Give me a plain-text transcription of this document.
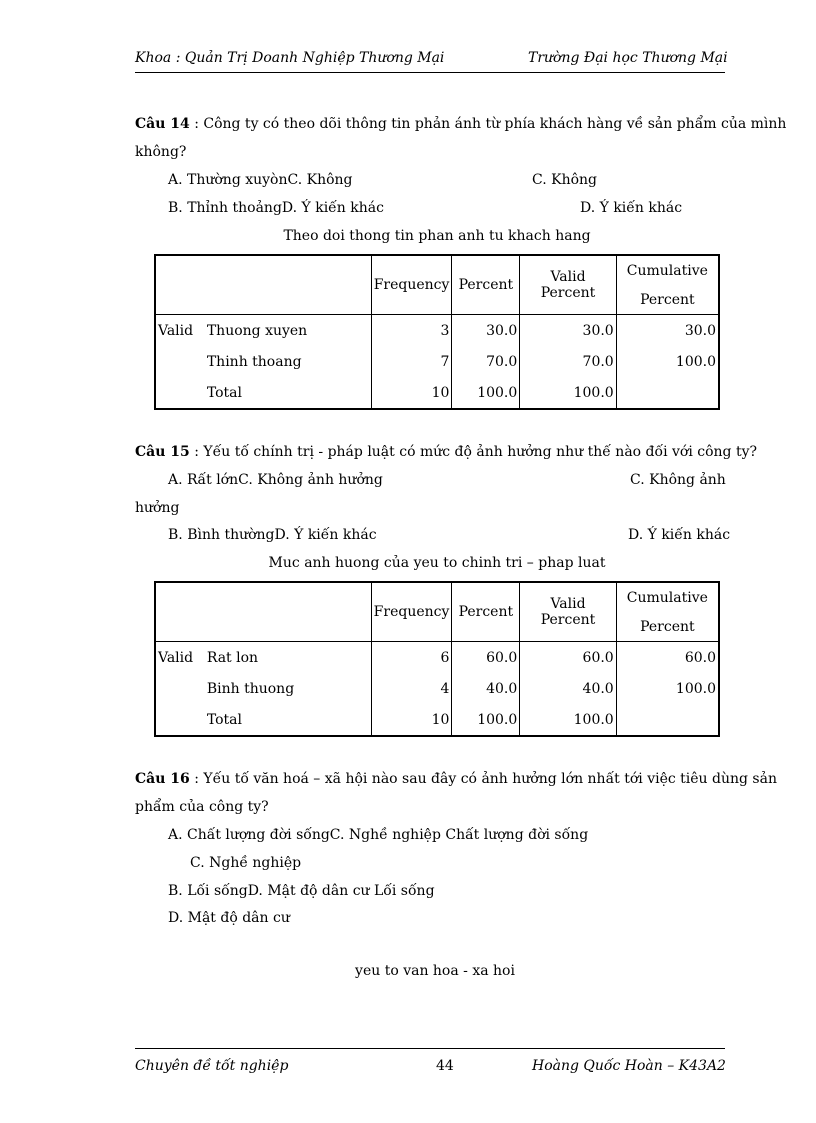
Khoa : Quản Trị Doanh Nghiệp Thương Mại	Trường Đại học Thương Mại
Câu 14 : Công ty có theo dõi thông tin phản ánh từ phía khách hàng về sản phẩm của mình
không?
A. Thường xuyònC. Không	C. Không
B. Thỉnh thoảngD. Ý kiến khác	D. Ý kiến khác
Theo doi thong tin phan anh tu khach hang
		Frequency	Percent	Valid Percent	Cumulative
					Percent
Valid	Thuong xuyen	3	30.0	30.0	30.0
	Thinh thoang	7	70.0	70.0	100.0
	Total	10	100.0	100.0	
Câu 15 : Yếu tố chính trị - pháp luật có mức độ ảnh hưởng như thế nào đối với công ty?
A. Rất lớnC. Không ảnh hưởng	C. Không ảnh
hưởng
B. Bình thườngD. Ý kiến khác	D. Ý kiến khác
Muc anh huong của yeu to chinh tri – phap luat
		Frequency	Percent	Valid Percent	Cumulative
					Percent
Valid	Rat lon	6	60.0	60.0	60.0
	Binh thuong	4	40.0	40.0	100.0
	Total	10	100.0	100.0	
Câu 16 : Yếu tố văn hoá – xã hội nào sau đây có ảnh hưởng lớn nhất tới việc tiêu dùng sản
phẩm của công ty?
A. Chất lượng đời sốngC. Nghề nghiệp Chất lượng đời sống
C. Nghề nghiệp
B. Lối sốngD. Mật độ dân cư Lối sống
D. Mật độ dân cư
yeu to van hoa - xa hoi
Chuyên đề tốt nghiệp	44	Hoàng Quốc Hoàn – K43A2
